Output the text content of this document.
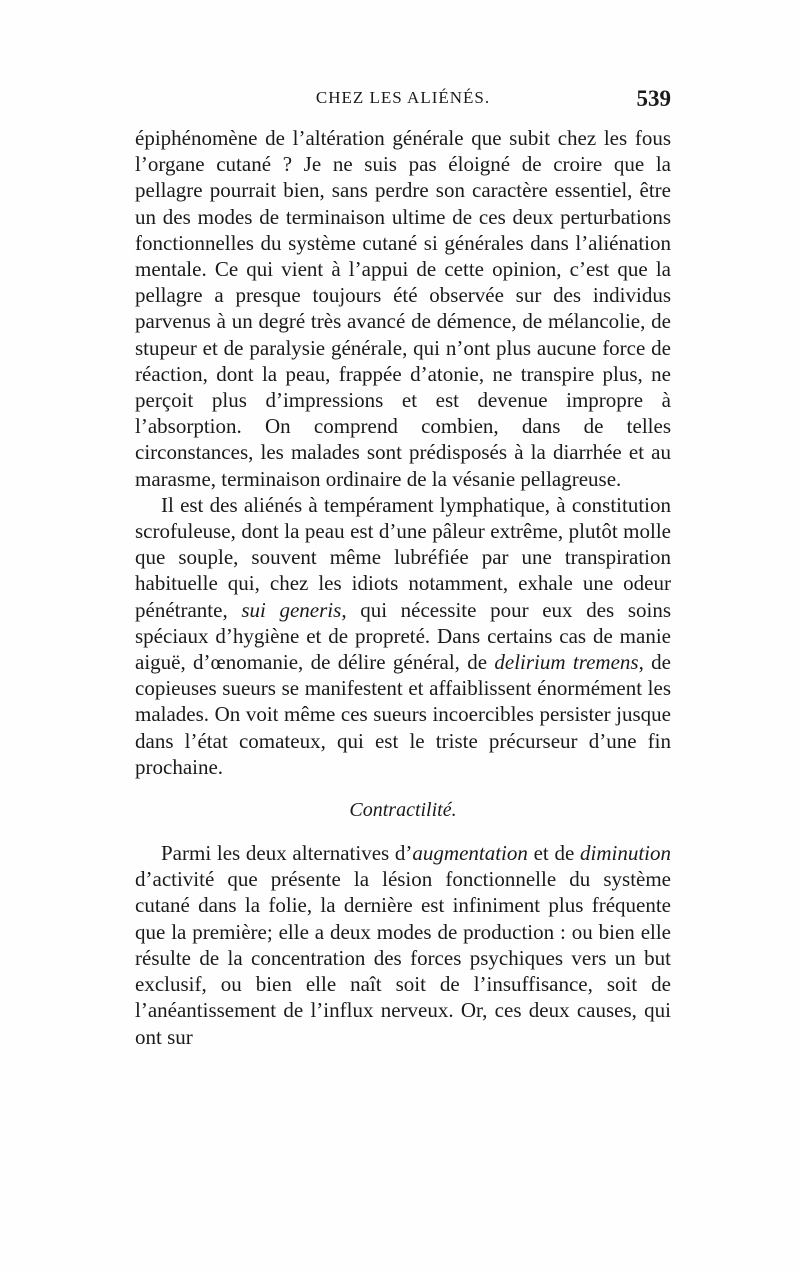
CHEZ LES ALIÉNÉS.	539

épiphénomène de l’altération générale que subit chez les fous l’organe cutané ? Je ne suis pas éloigné de croire que la pellagre pourrait bien, sans perdre son caractère essentiel, être un des modes de terminaison ultime de ces deux perturbations fonctionnelles du système cutané si générales dans l’aliénation mentale. Ce qui vient à l’appui de cette opinion, c’est que la pellagre a presque toujours été observée sur des individus parvenus à un degré très avancé de démence, de mélancolie, de stupeur et de paralysie générale, qui n’ont plus aucune force de réaction, dont la peau, frappée d’atonie, ne transpire plus, ne perçoit plus d’impressions et est devenue impropre à l’absorption. On comprend combien, dans de telles circonstances, les malades sont prédisposés à la diarrhée et au marasme, terminaison ordinaire de la vésanie pellagreuse.

Il est des aliénés à tempérament lymphatique, à constitution scrofuleuse, dont la peau est d’une pâleur extrême, plutôt molle que souple, souvent même lubréfiée par une transpiration habituelle qui, chez les idiots notamment, exhale une odeur pénétrante, sui generis, qui nécessite pour eux des soins spéciaux d’hygiène et de propreté. Dans certains cas de manie aiguë, d’œnomanie, de délire général, de delirium tremens, de copieuses sueurs se manifestent et affaiblissent énormément les malades. On voit même ces sueurs incoercibles persister jusque dans l’état comateux, qui est le triste précurseur d’une fin prochaine.

Contractilité.

Parmi les deux alternatives d’augmentation et de diminution d’activité que présente la lésion fonctionnelle du système cutané dans la folie, la dernière est infiniment plus fréquente que la première; elle a deux modes de production : ou bien elle résulte de la concentration des forces psychiques vers un but exclusif, ou bien elle naît soit de l’insuffisance, soit de l’anéantissement de l’influx nerveux. Or, ces deux causes, qui ont sur
